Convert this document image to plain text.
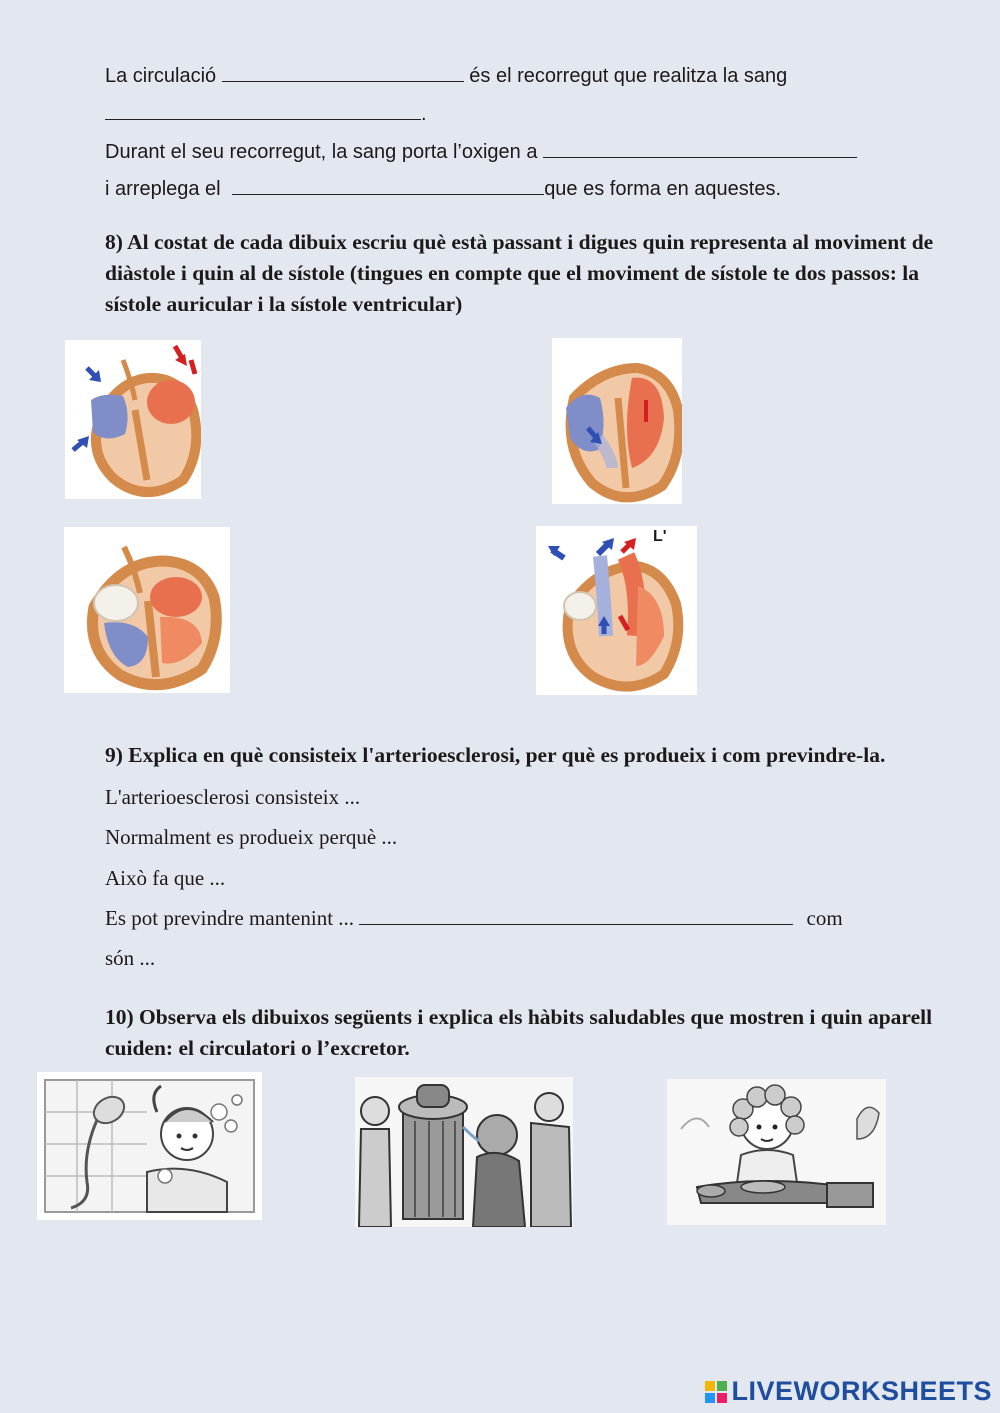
La circulació	és el recorregut que realitza la sang
.
Durant el seu recorregut, la sang porta l’oxigen a
i arreplega el	que es forma en aquestes.
8) Al costat de cada dibuix escriu què està passant i digues quin representa al moviment de diàstole i quin al de sístole (tingues en compte que el moviment de sístole te dos passos: la sístole auricular i la sístole ventricular)
L'
9) Explica en què consisteix l'arterioesclerosi, per què es produeix i com previndre-la.
L'arterioesclerosi consisteix ...
Normalment es produeix perquè ...
Això fa que ...
Es pot previndre mantenint ...	com
són ...
10) Observa els dibuixos següents i explica els hàbits saludables que mostren i quin aparell cuiden: el circulatori o l’excretor.
LIVEWORKSHEETS
